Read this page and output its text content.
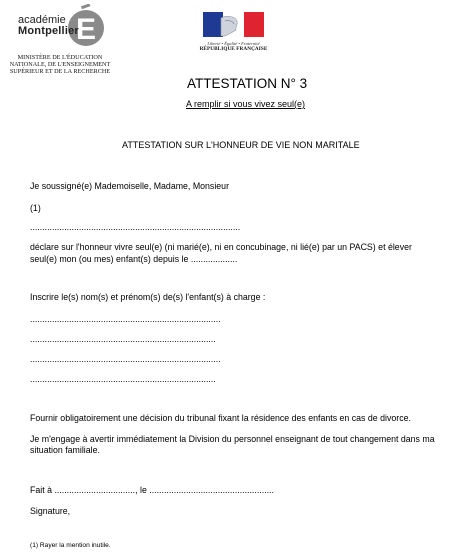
E
académie
Montpellier
MINISTÈRE DE L'ÉDUCATION NATIONALE, DE L'ENSEIGNEMENT SUPÉRIEUR ET DE LA RECHERCHE
Liberté • Égalité • Fraternité
RÉPUBLIQUE FRANÇAISE
ATTESTATION N° 3
A remplir si vous vivez seul(e)
ATTESTATION SUR L'HONNEUR DE VIE NON MARITALE
Je soussigné(e) Mademoiselle, Madame, Monsieur
(1)
......................................................................................
déclare sur l'honneur vivre seul(e) (ni marié(e), ni en concubinage, ni lié(e) par un PACS) et élever
seul(e) mon (ou mes) enfant(s) depuis le ...................
Inscrire le(s) nom(s) et prénom(s) de(s) l'enfant(s) à charge :
..............................................................................
............................................................................
..............................................................................
............................................................................
Fournir obligatoirement une décision du tribunal fixant la résidence des enfants en cas de divorce.
Je m'engage à avertir immédiatement la Division du personnel enseignant de tout changement dans ma
situation familiale.
Fait à ................................., le ...................................................
Signature,
(1) Rayer la mention inutile.
